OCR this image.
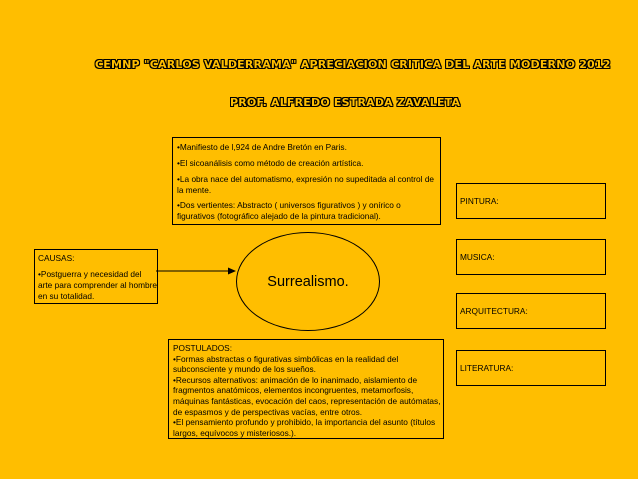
CEMNP "CARLOS VALDERRAMA" APRECIACION CRITICA DEL ARTE MODERNO 2012
PROF. ALFREDO ESTRADA ZAVALETA

• Manifiesto de l,924 de Andre Bretón en Paris.

• El sicoanálisis como método de creación artística.

• La obra nace del automatismo, expresión no supeditada al control de la mente.

• Dos vertientes: Abstracto ( universos figurativos ) y onírico o figurativos (fotográfico alejado de la pintura tradicional).

CAUSAS:

• Postguerra y necesidad del arte para comprender al hombre en su totalidad.

Surrealismo.

POSTULADOS:

• Formas abstractas o figurativas simbólicas en la realidad del subconsciente y mundo de los sueños.

• Recursos alternativos: animación de lo inanimado, aislamiento de fragmentos anatómicos, elementos incongruentes, metamorfosis, máquinas fantásticas, evocación del caos, representación de autómatas, de espasmos y de perspectivas vacías, entre otros.

• El pensamiento profundo y prohibido, la importancia del asunto (títulos largos, equívocos y misteriosos.).

PINTURA:
MUSICA:
ARQUITECTURA:
LITERATURA:
